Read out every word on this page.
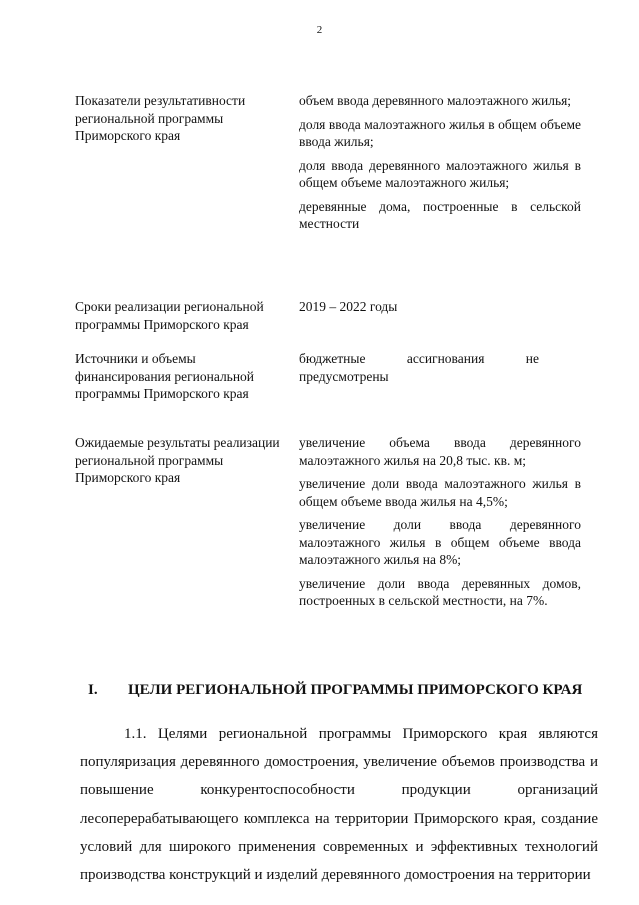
2
Показатели результативности региональной программы Приморского края

объем ввода деревянного малоэтажного жилья;

доля ввода малоэтажного жилья в общем объеме ввода жилья;

доля ввода деревянного малоэтажного жилья в общем объеме малоэтажного жилья;

деревянные дома, построенные в сельской местности

Сроки реализации региональной программы Приморского края

2019 – 2022 годы

Источники и объемы финансирования региональной программы Приморского края

бюджетные ассигнования не предусмотрены

Ожидаемые результаты реализации региональной программы Приморского края

увеличение объема ввода деревянного малоэтажного жилья на 20,8 тыс. кв. м;

увеличение доли ввода малоэтажного жилья в общем объеме ввода жилья на 4,5%;

увеличение доли ввода деревянного малоэтажного жилья в общем объеме ввода малоэтажного жилья на 8%;

увеличение доли ввода деревянных домов, построенных в сельской местности, на 7%.

I. ЦЕЛИ РЕГИОНАЛЬНОЙ ПРОГРАММЫ ПРИМОРСКОГО КРАЯ

1.1. Целями региональной программы Приморского края являются популяризация деревянного домостроения, увеличение объемов производства и повышение конкурентоспособности продукции организаций лесоперерабатывающего комплекса на территории Приморского края, создание условий для широкого применения современных и эффективных технологий производства конструкций и изделий деревянного домостроения на территории
